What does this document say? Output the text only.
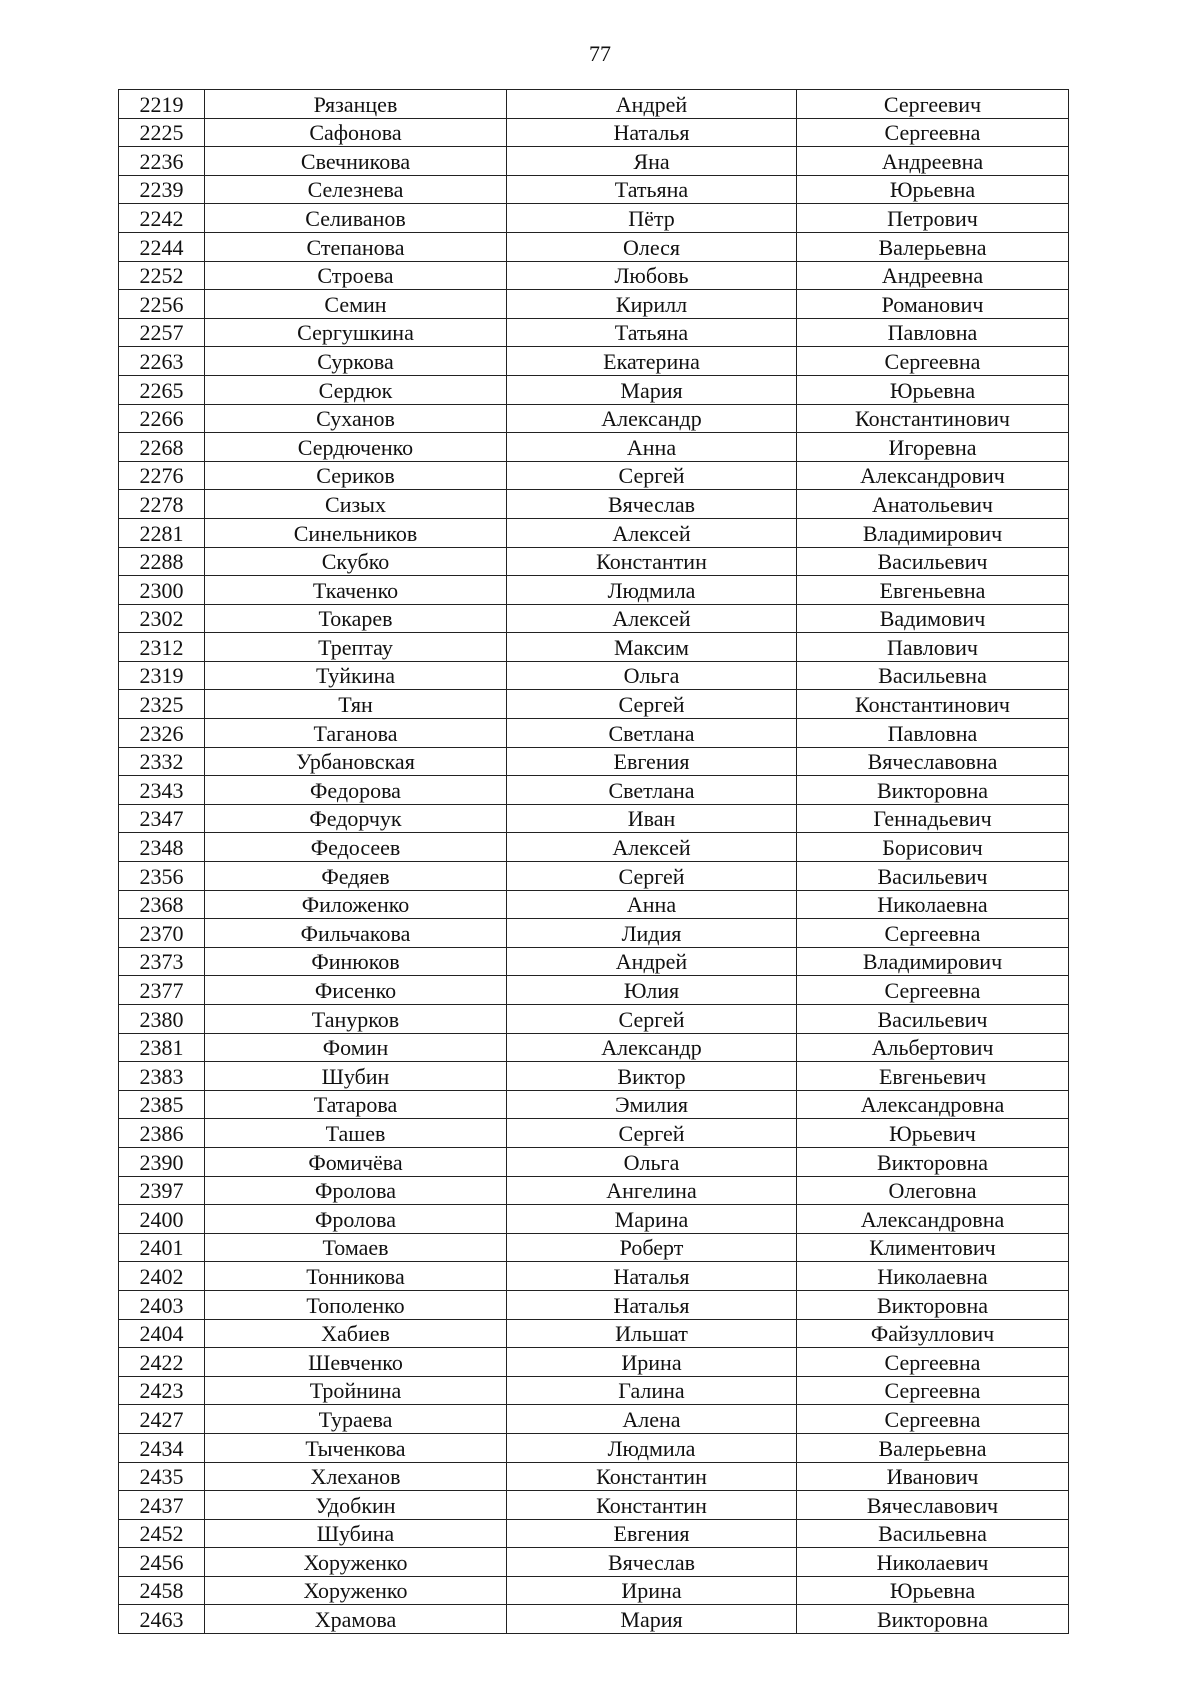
77
2219	Рязанцев	Андрей	Сергеевич
2225	Сафонова	Наталья	Сергеевна
2236	Свечникова	Яна	Андреевна
2239	Селезнева	Татьяна	Юрьевна
2242	Селиванов	Пётр	Петрович
2244	Степанова	Олеся	Валерьевна
2252	Строева	Любовь	Андреевна
2256	Семин	Кирилл	Романович
2257	Сергушкина	Татьяна	Павловна
2263	Суркова	Екатерина	Сергеевна
2265	Сердюк	Мария	Юрьевна
2266	Суханов	Александр	Константинович
2268	Сердюченко	Анна	Игоревна
2276	Сериков	Сергей	Александрович
2278	Сизых	Вячеслав	Анатольевич
2281	Синельников	Алексей	Владимирович
2288	Скубко	Константин	Васильевич
2300	Ткаченко	Людмила	Евгеньевна
2302	Токарев	Алексей	Вадимович
2312	Трептау	Максим	Павлович
2319	Туйкина	Ольга	Васильевна
2325	Тян	Сергей	Константинович
2326	Таганова	Светлана	Павловна
2332	Урбановская	Евгения	Вячеславовна
2343	Федорова	Светлана	Викторовна
2347	Федорчук	Иван	Геннадьевич
2348	Федосеев	Алексей	Борисович
2356	Федяев	Сергей	Васильевич
2368	Филоженко	Анна	Николаевна
2370	Фильчакова	Лидия	Сергеевна
2373	Финюков	Андрей	Владимирович
2377	Фисенко	Юлия	Сергеевна
2380	Танурков	Сергей	Васильевич
2381	Фомин	Александр	Альбертович
2383	Шубин	Виктор	Евгеньевич
2385	Татарова	Эмилия	Александровна
2386	Ташев	Сергей	Юрьевич
2390	Фомичёва	Ольга	Викторовна
2397	Фролова	Ангелина	Олеговна
2400	Фролова	Марина	Александровна
2401	Томаев	Роберт	Климентович
2402	Тонникова	Наталья	Николаевна
2403	Тополенко	Наталья	Викторовна
2404	Хабиев	Ильшат	Файзуллович
2422	Шевченко	Ирина	Сергеевна
2423	Тройнина	Галина	Сергеевна
2427	Тураева	Алена	Сергеевна
2434	Тыченкова	Людмила	Валерьевна
2435	Хлеханов	Константин	Иванович
2437	Удобкин	Константин	Вячеславович
2452	Шубина	Евгения	Васильевна
2456	Хоруженко	Вячеслав	Николаевич
2458	Хоруженко	Ирина	Юрьевна
2463	Храмова	Мария	Викторовна
